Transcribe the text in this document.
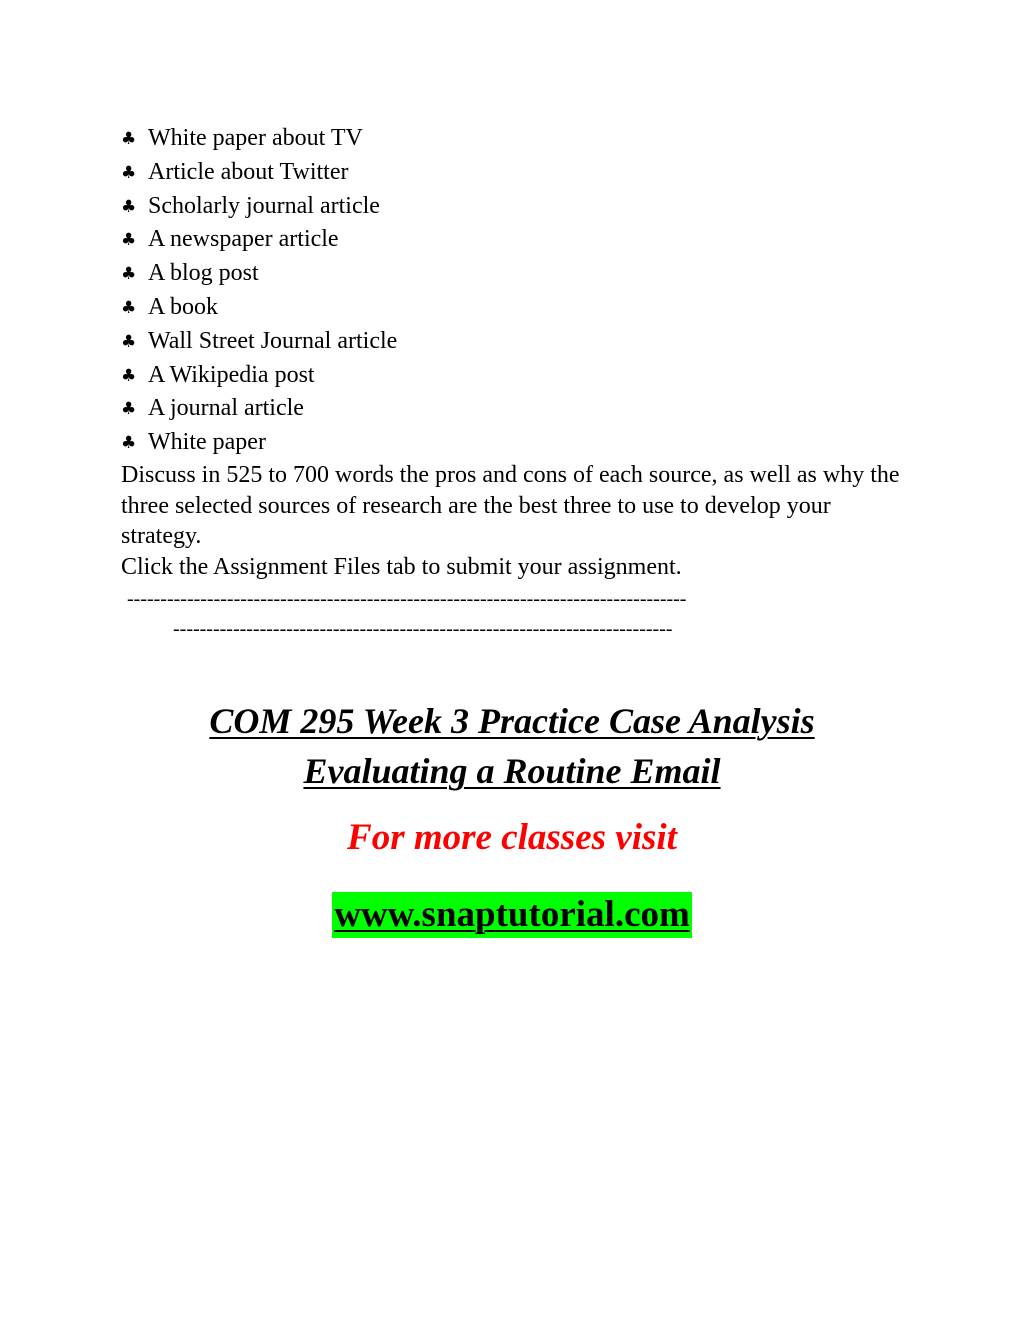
♣ White paper about TV
♣ Article about Twitter
♣ Scholarly journal article
♣ A newspaper article
♣ A blog post
♣ A book
♣ Wall Street Journal article
♣ A Wikipedia post
♣ A journal article
♣ White paper

Discuss in 525 to 700 words the pros and cons of each source, as well as why the three selected sources of research are the best three to use to develop your strategy.

Click the Assignment Files tab to submit your assignment.

------------------------------------------------------------------------------------

---------------------------------------------------------------------------

COM 295 Week 3 Practice Case Analysis

Evaluating a Routine Email

For more classes visit

www.snaptutorial.com
